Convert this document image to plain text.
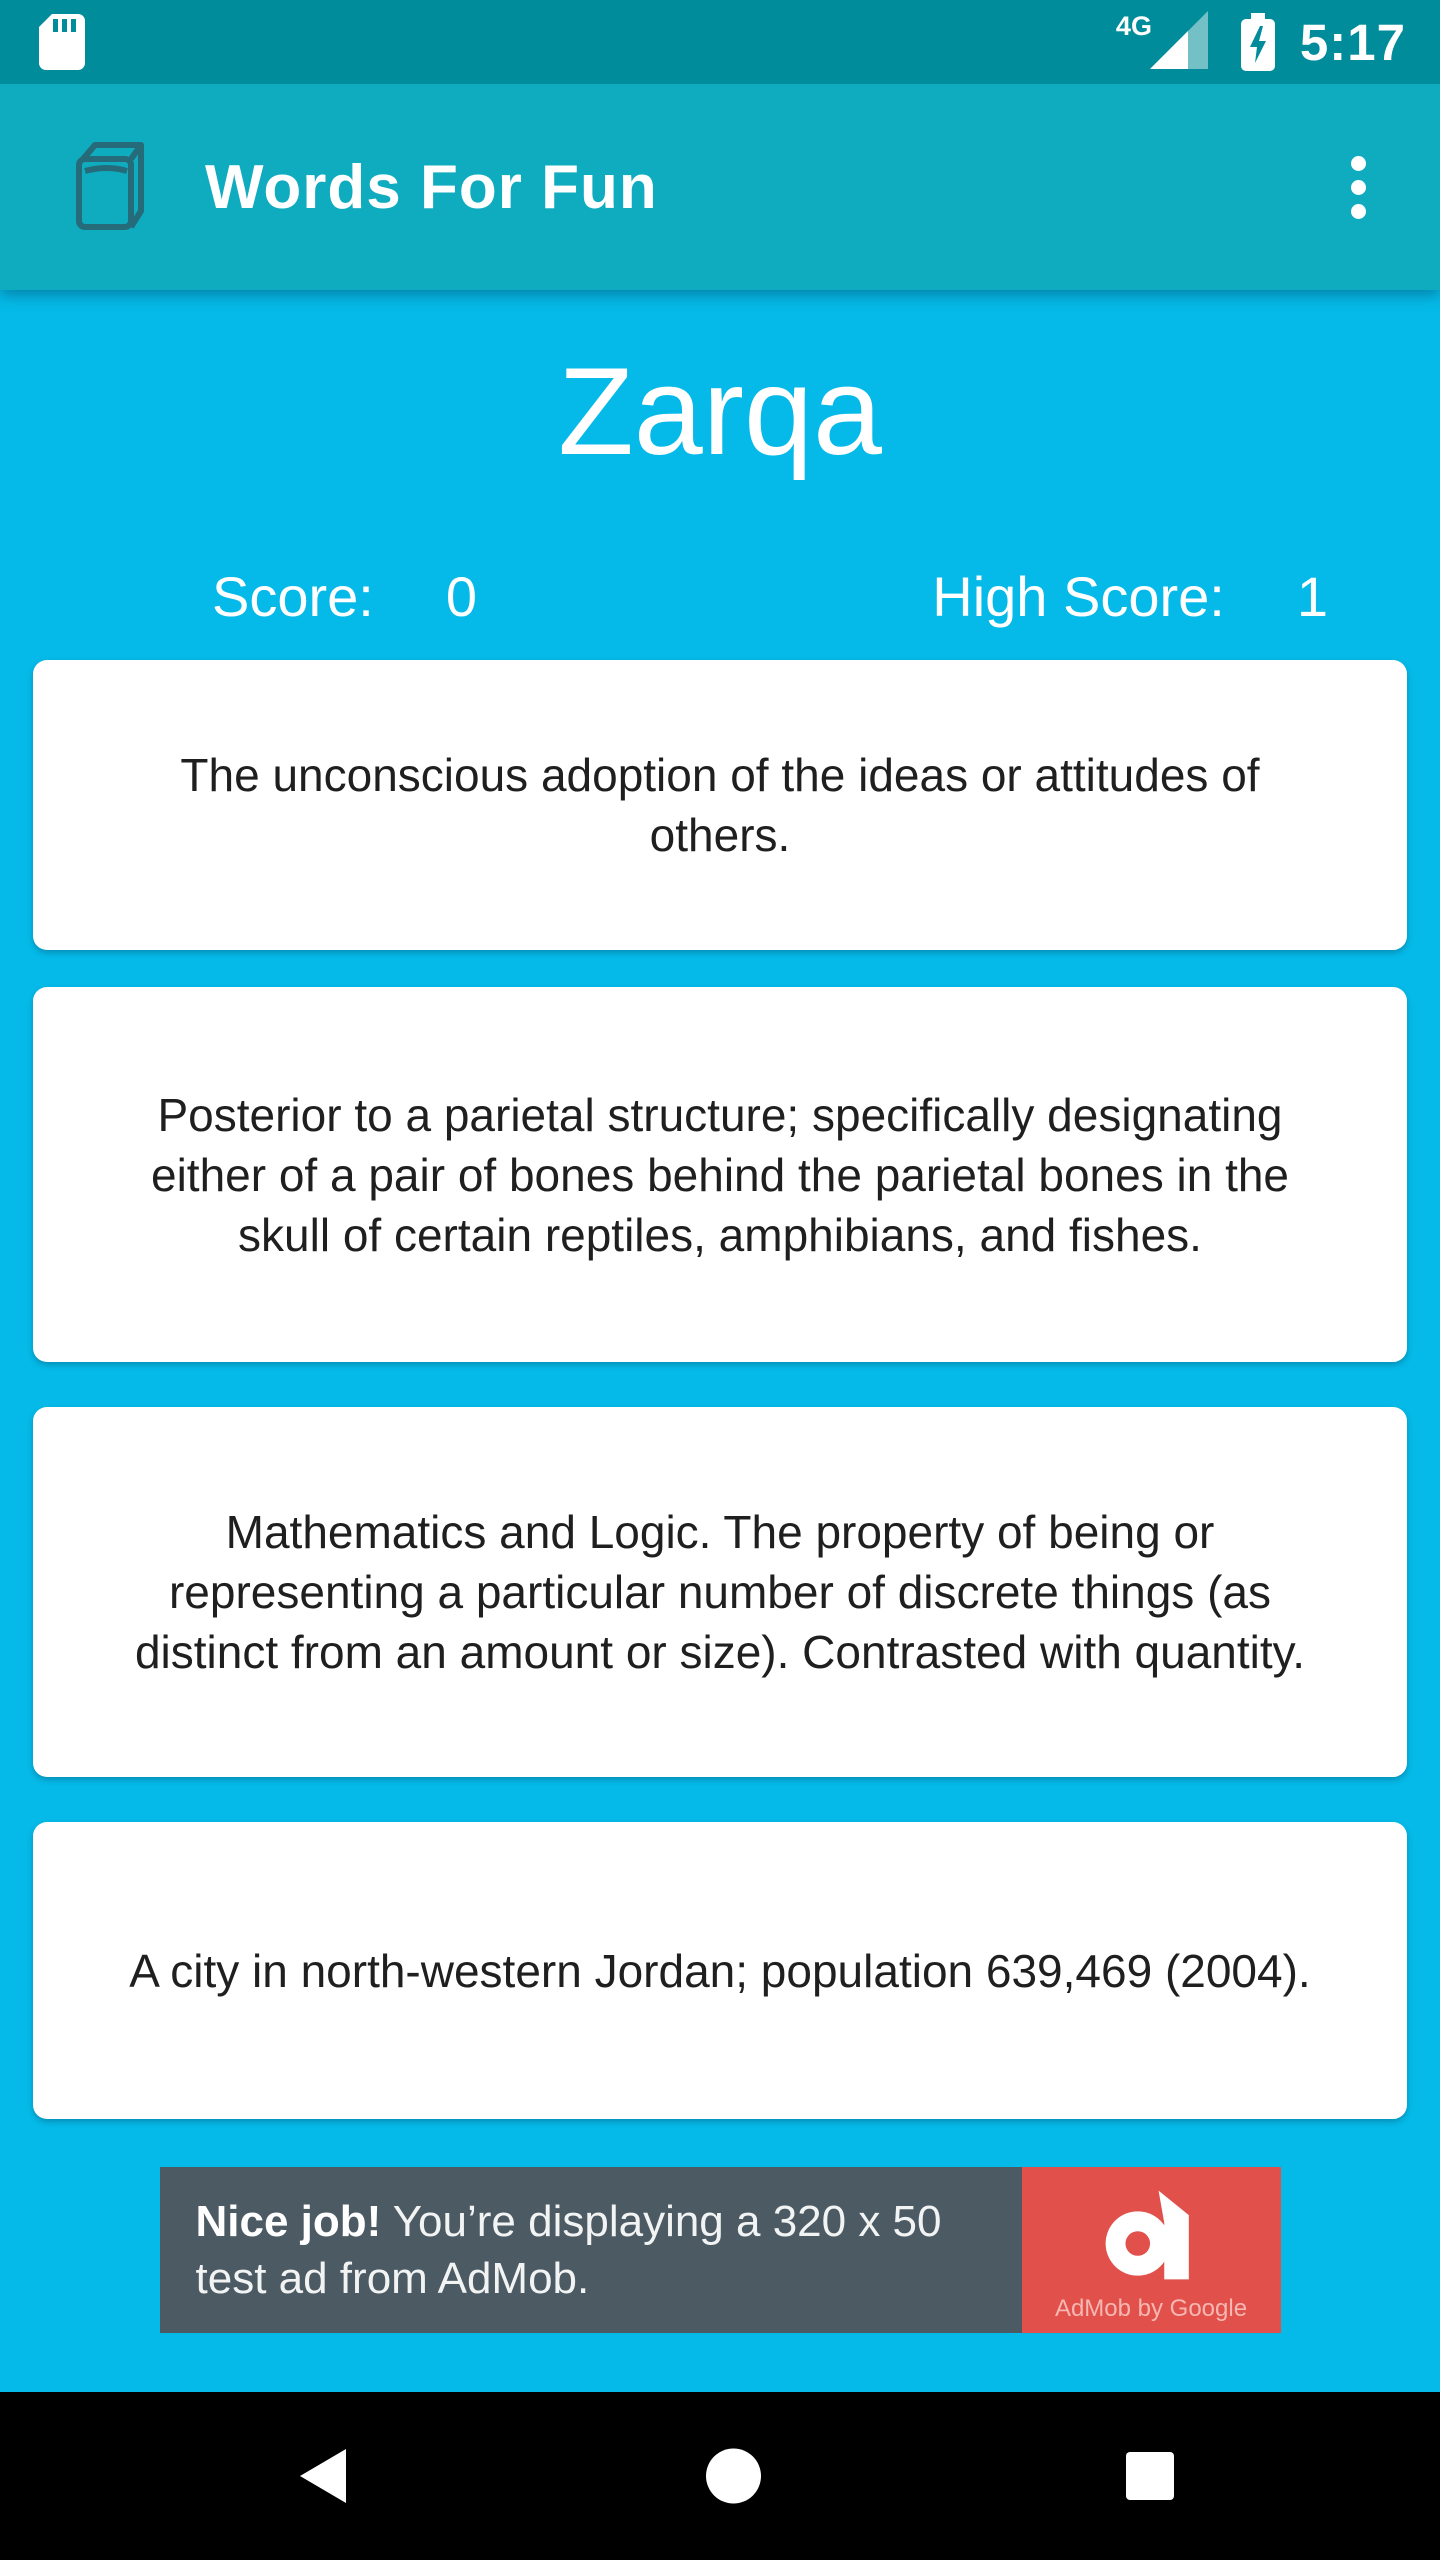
4G	5:17
Words For Fun
Zarqa
Score: 0	High Score: 1
The unconscious adoption of the ideas or attitudes of others.
Posterior to a parietal structure; specifically designating either of a pair of bones behind the parietal bones in the skull of certain reptiles, amphibians, and fishes.
Mathematics and Logic. The property of being or representing a particular number of discrete things (as distinct from an amount or size). Contrasted with quantity.
A city in north-western Jordan; population 639,469 (2004).
Nice job! You’re displaying a 320 x 50 test ad from AdMob.
AdMob by Google
